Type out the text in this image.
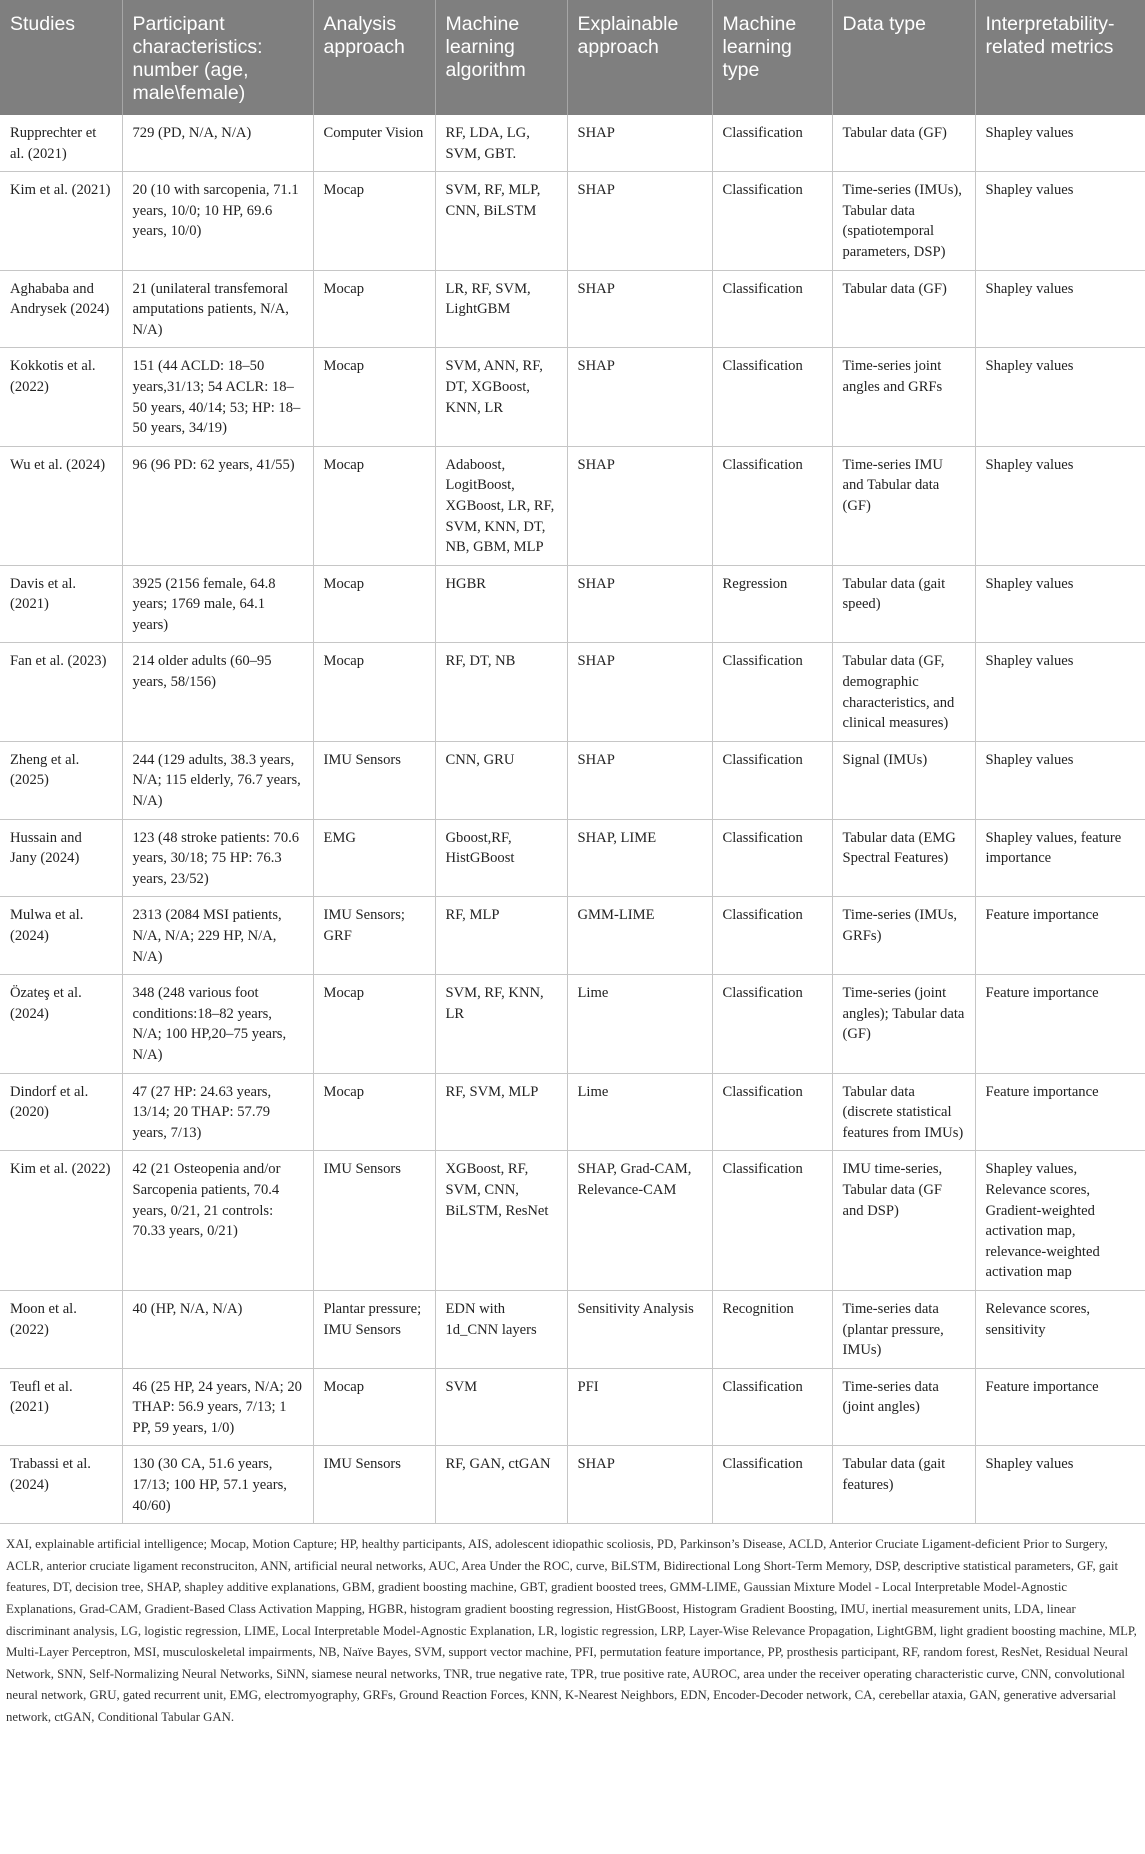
Studies	Participant characteristics: number (age, male\female)	Analysis approach	Machine learning algorithm	Explainable approach	Machine learning type	Data type	Interpretability-related metrics
Rupprechter et al. (2021)	729 (PD, N/A, N/A)	Computer Vision	RF, LDA, LG, SVM, GBT.	SHAP	Classification	Tabular data (GF)	Shapley values
Kim et al. (2021)	20 (10 with sarcopenia, 71.1 years, 10/0; 10 HP, 69.6 years, 10/0)	Mocap	SVM, RF, MLP, CNN, BiLSTM	SHAP	Classification	Time-series (IMUs), Tabular data (spatiotemporal parameters, DSP)	Shapley values
Aghababa and Andrysek (2024)	21 (unilateral transfemoral amputations patients, N/A, N/A)	Mocap	LR, RF, SVM, LightGBM	SHAP	Classification	Tabular data (GF)	Shapley values
Kokkotis et al. (2022)	151 (44 ACLD: 18–50 years,31/13; 54 ACLR: 18–50 years, 40/14; 53; HP: 18–50 years, 34/19)	Mocap	SVM, ANN, RF, DT, XGBoost, KNN, LR	SHAP	Classification	Time-series joint angles and GRFs	Shapley values
Wu et al. (2024)	96 (96 PD: 62 years, 41/55)	Mocap	Adaboost, LogitBoost, XGBoost, LR, RF, SVM, KNN, DT, NB, GBM, MLP	SHAP	Classification	Time-series IMU and Tabular data (GF)	Shapley values
Davis et al. (2021)	3925 (2156 female, 64.8 years; 1769 male, 64.1 years)	Mocap	HGBR	SHAP	Regression	Tabular data (gait speed)	Shapley values
Fan et al. (2023)	214 older adults (60–95 years, 58/156)	Mocap	RF, DT, NB	SHAP	Classification	Tabular data (GF, demographic characteristics, and clinical measures)	Shapley values
Zheng et al. (2025)	244 (129 adults, 38.3 years, N/A; 115 elderly, 76.7 years, N/A)	IMU Sensors	CNN, GRU	SHAP	Classification	Signal (IMUs)	Shapley values
Hussain and Jany (2024)	123 (48 stroke patients: 70.6 years, 30/18; 75 HP: 76.3 years, 23/52)	EMG	Gboost,RF, HistGBoost	SHAP, LIME	Classification	Tabular data (EMG Spectral Features)	Shapley values, feature importance
Mulwa et al. (2024)	2313 (2084 MSI patients, N/A, N/A; 229 HP, N/A, N/A)	IMU Sensors; GRF	RF, MLP	GMM-LIME	Classification	Time-series (IMUs, GRFs)	Feature importance
Özateş et al. (2024)	348 (248 various foot conditions:18–82 years, N/A; 100 HP,20–75 years, N/A)	Mocap	SVM, RF, KNN, LR	Lime	Classification	Time-series (joint angles); Tabular data (GF)	Feature importance
Dindorf et al. (2020)	47 (27 HP: 24.63 years, 13/14; 20 THAP: 57.79 years, 7/13)	Mocap	RF, SVM, MLP	Lime	Classification	Tabular data (discrete statistical features from IMUs)	Feature importance
Kim et al. (2022)	42 (21 Osteopenia and/or Sarcopenia patients, 70.4 years, 0/21, 21 controls: 70.33 years, 0/21)	IMU Sensors	XGBoost, RF, SVM, CNN, BiLSTM, ResNet	SHAP, Grad-CAM, Relevance-CAM	Classification	IMU time-series, Tabular data (GF and DSP)	Shapley values, Relevance scores, Gradient-weighted activation map, relevance-weighted activation map
Moon et al. (2022)	40 (HP, N/A, N/A)	Plantar pressure; IMU Sensors	EDN with 1d_CNN layers	Sensitivity Analysis	Recognition	Time-series data (plantar pressure, IMUs)	Relevance scores, sensitivity
Teufl et al. (2021)	46 (25 HP, 24 years, N/A; 20 THAP: 56.9 years, 7/13; 1 PP, 59 years, 1/0)	Mocap	SVM	PFI	Classification	Time-series data (joint angles)	Feature importance
Trabassi et al. (2024)	130 (30 CA, 51.6 years, 17/13; 100 HP, 57.1 years, 40/60)	IMU Sensors	RF, GAN, ctGAN	SHAP	Classification	Tabular data (gait features)	Shapley values

XAI, explainable artificial intelligence; Mocap, Motion Capture; HP, healthy participants, AIS, adolescent idiopathic scoliosis, PD, Parkinson’s Disease, ACLD, Anterior Cruciate Ligament-deficient Prior to Surgery, ACLR, anterior cruciate ligament reconstruciton, ANN, artificial neural networks, AUC, Area Under the ROC, curve, BiLSTM, Bidirectional Long Short-Term Memory, DSP, descriptive statistical parameters, GF, gait features, DT, decision tree, SHAP, shapley additive explanations, GBM, gradient boosting machine, GBT, gradient boosted trees, GMM-LIME, Gaussian Mixture Model - Local Interpretable Model-Agnostic Explanations, Grad-CAM, Gradient-Based Class Activation Mapping, HGBR, histogram gradient boosting regression, HistGBoost, Histogram Gradient Boosting, IMU, inertial measurement units, LDA, linear discriminant analysis, LG, logistic regression, LIME, Local Interpretable Model-Agnostic Explanation, LR, logistic regression, LRP, Layer-Wise Relevance Propagation, LightGBM, light gradient boosting machine, MLP, Multi-Layer Perceptron, MSI, musculoskeletal impairments, NB, Naïve Bayes, SVM, support vector machine, PFI, permutation feature importance, PP, prosthesis participant, RF, random forest, ResNet, Residual Neural Network, SNN, Self-Normalizing Neural Networks, SiNN, siamese neural networks, TNR, true negative rate, TPR, true positive rate, AUROC, area under the receiver operating characteristic curve, CNN, convolutional neural network, GRU, gated recurrent unit, EMG, electromyography, GRFs, Ground Reaction Forces, KNN, K-Nearest Neighbors, EDN, Encoder-Decoder network, CA, cerebellar ataxia, GAN, generative adversarial network, ctGAN, Conditional Tabular GAN.
